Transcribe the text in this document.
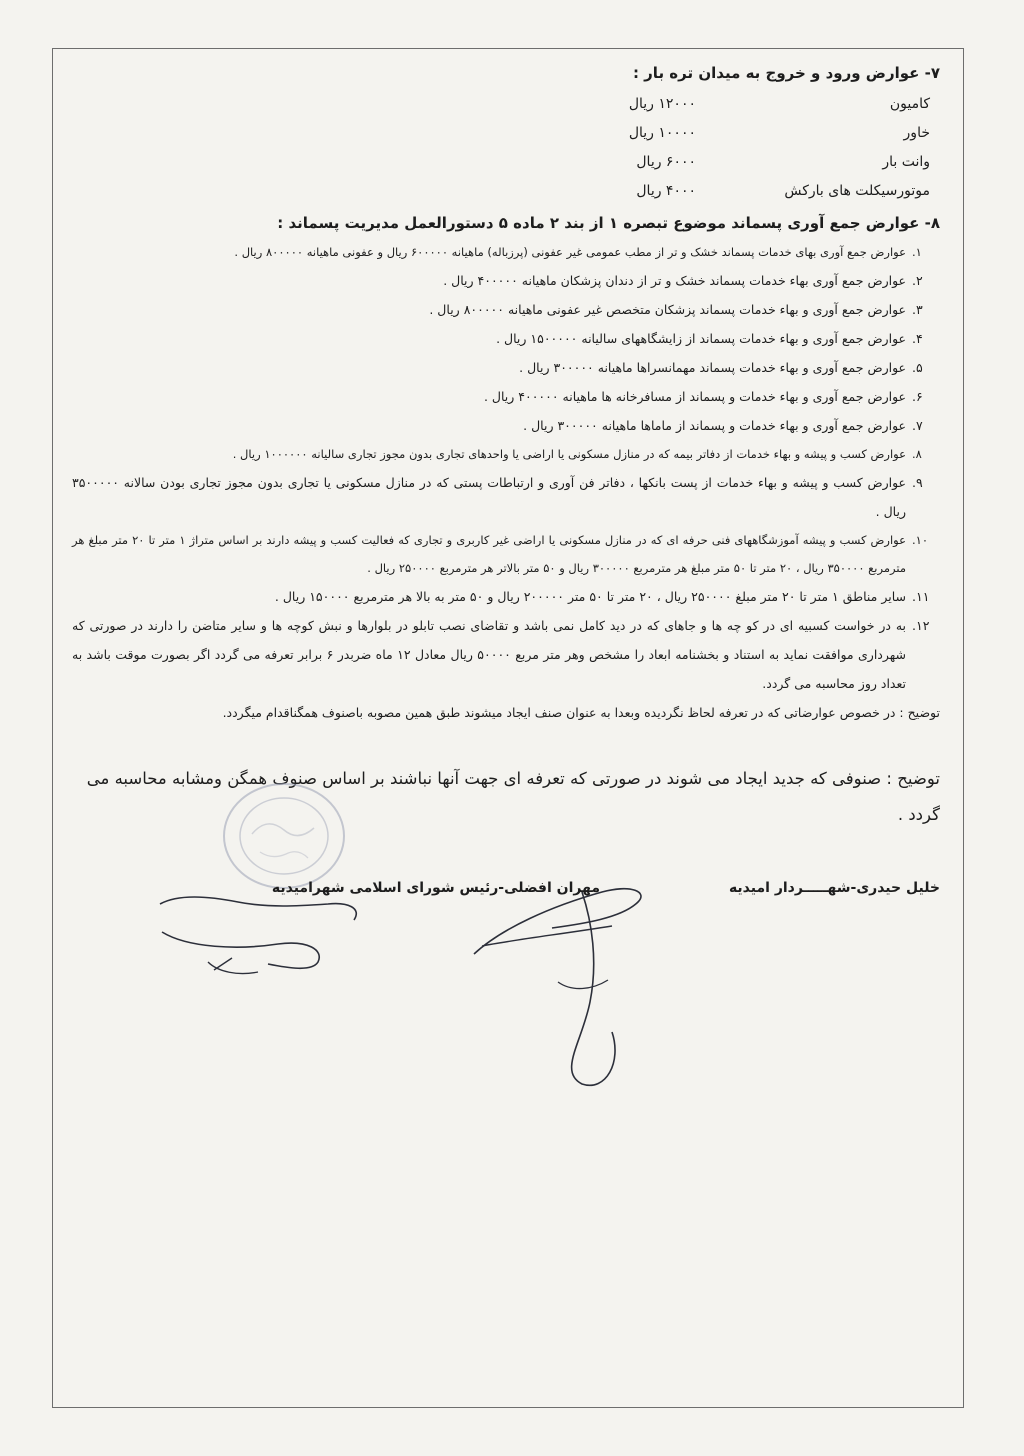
۷- عوارض ورود و خروج به میدان تره بار :
کامیون
۱۲۰۰۰ ریال
خاور
۱۰۰۰۰ ریال
وانت بار
۶۰۰۰ ریال
موتورسیکلت های بارکش
۴۰۰۰ ریال
۸- عوارض جمع آوری پسماند موضوع تبصره ۱ از بند ۲ ماده ۵ دستورالعمل مدیریت پسماند :
۱.
عوارض جمع آوری بهای خدمات پسماند خشک و تر از مطب عمومی غیر عفونی (پرزباله) ماهیانه ۶۰۰۰۰۰ ریال و عفونی ماهیانه ۸۰۰۰۰۰ ریال .
۲.
عوارض جمع آوری بهاء خدمات پسماند خشک و تر از دندان پزشکان ماهیانه ۴۰۰۰۰۰ ریال .
۳.
عوارض جمع آوری و بهاء خدمات پسماند پزشکان متخصص غیر عفونی ماهیانه ۸۰۰۰۰۰ ریال .
۴.
عوارض جمع آوری و بهاء خدمات پسماند از زایشگاههای سالیانه ۱۵۰۰۰۰۰ ریال .
۵.
عوارض جمع آوری و بهاء خدمات پسماند مهمانسراها ماهیانه ۳۰۰۰۰۰ ریال .
۶.
عوارض جمع آوری و بهاء خدمات و پسماند از مسافرخانه ها ماهیانه ۴۰۰۰۰۰ ریال .
۷.
عوارض جمع آوری و بهاء خدمات و پسماند از ماماها ماهیانه ۳۰۰۰۰۰ ریال .
۸.
عوارض کسب و پیشه و بهاء خدمات از دفاتر بیمه که در منازل مسکونی یا اراضی یا واحدهای تجاری بدون مجوز تجاری سالیانه ۱۰۰۰۰۰۰ ریال .
۹.
عوارض کسب و پیشه و بهاء خدمات از پست بانکها ، دفاتر فن آوری و ارتباطات پستی که در منازل مسکونی یا تجاری بدون مجوز تجاری بودن سالانه ۳۵۰۰۰۰۰ ریال .
۱۰.
عوارض کسب و پیشه آموزشگاههای فنی حرفه ای که در منازل مسکونی یا اراضی غیر کاربری و تجاری که فعالیت کسب و پیشه دارند بر اساس متراژ ۱ متر تا ۲۰ متر مبلغ هر مترمربع ۳۵۰۰۰۰ ریال ، ۲۰ متر تا ۵۰ متر مبلغ هر مترمربع ۳۰۰۰۰۰ ریال و ۵۰ متر بالاتر هر مترمربع ۲۵۰۰۰۰ ریال .
۱۱.
سایر مناطق ۱ متر تا ۲۰ متر مبلغ ۲۵۰۰۰۰ ریال ، ۲۰ متر تا ۵۰ متر ۲۰۰۰۰۰ ریال و ۵۰ متر به بالا هر مترمربع ۱۵۰۰۰۰ ریال .
۱۲.
به در خواست کسبیه ای در کو چه ها و جاهای که در دید کامل نمی باشد و تقاضای نصب تابلو در بلوارها و نبش کوچه ها و سایر متاضن را دارند در صورتی که شهرداری موافقت نماید به استناد و بخشنامه ابعاد را مشخص وهر متر مربع ۵۰۰۰۰ ریال معادل ۱۲ ماه ضربدر ۶ برابر تعرفه می گردد اگر بصورت موقت باشد به تعداد روز محاسبه می گردد.

توضیح : در خصوص عوارضاتی که در تعرفه لحاظ نگردیده وبعدا به عنوان صنف ایجاد میشوند طبق همین مصوبه باصنوف همگناقدام میگردد.

توضیح : صنوفی که جدید ایجاد می شوند در صورتی که تعرفه ای جهت آنها نباشند بر اساس صنوف همگن ومشابه محاسبه می گردد .

خلیل حیدری-شهـــــردار امیدیه
مهران افضلی-رئیس شورای اسلامی شهرامیدیه
